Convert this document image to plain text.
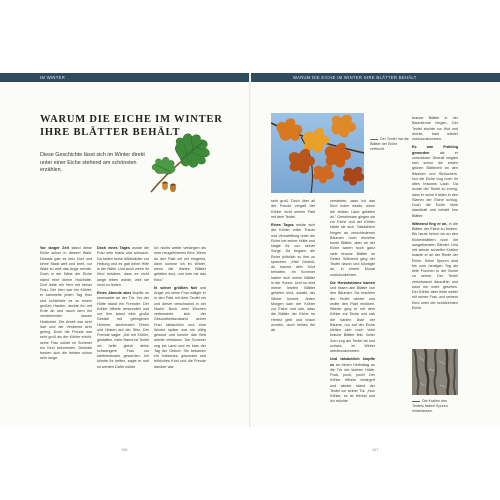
IM WINTER	WARUM DIE EICHE IM WINTER IHRE BLÄTTER BEHÄLT
WARUM DIE EICHE IM WINTER
IHRE BLÄTTER BEHÄLT
Diese Geschichte lässt sich im Winter direkt unter einer Eiche stehend am schönsten erzählen.

Vor langer Zeit stand diese Eiche schon in diesem Wald. Damals gab es kein Dorf und keine Stadt weit und breit, nur Wald so weit das Auge reichte. Doch in der Nähe der Eiche stand eine kleine Holzhütte. Dort lebte ein Herr mit seiner Frau. Der Herr war ein Köhler, er sammelte jeden Tag Holz und schichtete es zu einem großen Haufen, deckte ihn mit Erde ab und rauch dem ihn verstehenden lassen Holzkohle. Die Arbeit war sehr hart und der Verdienst sehr gering. Doch die Freude war sehr groß als der Köhler erfuhr, seine Frau würde im Sommer ein Kind bekommen. Deshalb freuten sich die beiden schon sehr lange.

Doch eines Tages wurde die Frau sehr krank und schwach. Da halfen keine Wildkräuter zur Heilung und es gab keine Hilfe in der Nähe. Und auch wenn ihr Kind bekäme, dass es nicht lange leben würde, weil sie nicht zu finden.

Eines Abends aber klopfte es unerwartet an der Tür. Vor der Hütte stand ein Fremder. Der Köhler öffnete verwundert und vor ihm stand eine große Gestalt mit gebogenen Hörnern, stechenden Öhren und Hinken auf der Stirn. Der Fremde sagte: „Sei mir Köhler, gestatten, mein Name ist Teufel ich helfe gleich deine schwangere Frau vor sterbenskrank geworden. Ich könnte ihr helfen, sagte er und so werden Dafür würde

ich nichts weiter verlangen als euer neugeborenes Kind. Wenn du den Pakt mit mir eingehst, dann komme ich im Winter, wenn die letzten Blätter gefallen sind, und hole mir das Kind."

In seiner größten Not und Angst um seine Frau willigte er in den Pakt mit dem Teufel ein und dieser verschwand in der Nacht. Noch zwei Wochen verbesserte sich der Gesundheitszustand seiner Frau tatsächlich und eine Woche später war sie völlig gesund und konnte das Bett wieder verlassen. Der Sommer zog ins Land und es kam der Tag der Geburt. Sie bekamen ein hübsches, gesundes und fröhliches Kind und die Freude darüber war

106
Der Teufel hat die Blätter der Eiche verflucht.

sehr groß. Doch über all der Freude vergaß der Köhler nicht seinen Pakt mit dem Teufel.

Eines Tages setzte sich der Köhler voller Trauer und Verzweiflung unter die Eiche bei seiner Hütte und klagte ihr von seiner Sorge. Da begann die Eiche plötzlich zu ihm zu sprechen. „Hab Geduld, du kannst dein Kind behalten. Im Sommer haben sich meine Blätter in der Sonne. Und so wird meine letzten Blätter gefallen sind, sobald der Winter kommt. Jeden Morgen kam der Köhler zur Eiche und sah, dass die Blätter der Eiche im Herbst gelb und braun wurden, doch keines fiel ab.

verstehen, dass ich das Kind holen werde, wenn die letzten Laub gefallen ist." Gemeinsam gingen sie zur Eiche und der Köhler klärte sie sich. Tatsächlich hingen an verschiedenen Bäumen noch einzelne bunte Blätter, aber an der Eiche waren noch ganz viele braune Blätter im Geäst. Während ging der Teufel davon und kündigte an, in einem Monat zurückzukehren.

Die Herbststürme kamen und rissen alle Blätter von den Bäumen. Da erschien der Teufel wieder und wollte den Pakt einlösen. Wieder ging er mit dem Köhler zur Eiche und sah die kahlen Äste der Bäume, nur auf der Eiche hielten sich noch viele braune Blätter fest. Voller Zorn zog der Teufel ab und schwor, im Winter wiederzukommen.

Und tatsächlich klopfte es an einem Herbsttag an die Tür der kleinen Hütte. Pock, pock, poch! Der Köhler öffnete verärgert und wieder stand der Teufel vor seiner Tür. „Nun Köhler, es ist Herbst und ich möchte

braune Blätter in der Baumkrone hingen. Der Teufel zischte vor Wut und drohte, bald wieder zurückzukommen.

Es war Frühling geworden als er zurückkam. Überall zeigten sich schon die ersten grünen Blättchen an den Bäumen und Sträuchern. Nur die Eiche trug noch ihr altes braunes Laub. Da wurde der Teufel so zornig, dass er seine Krallen in den Stamm der Eiche schlug. Doch die Eiche blieb standhaft und behielt ihre Blätter.

Während fing er an, in die Blätter der Eiche zu treiben. Bis heute sehen wir an den Eichenblättern noch die ausgefransten Ränder. Und mit seinen scharfen Krallen kratzte er an der Rinde der Eiche. Seine Spuren sind bis zum heutigen Tag als tiefe Furchen in der Borke zu sehen. Der Teufel verschwand daraufhin und ward nie mehr gesehen. Der Köhler aber lebte weiter mit seiner Frau und seinem Kind unter der schützenden Eiche.

Die Krallen des Teufels haben Spuren hinterlassen.
107
